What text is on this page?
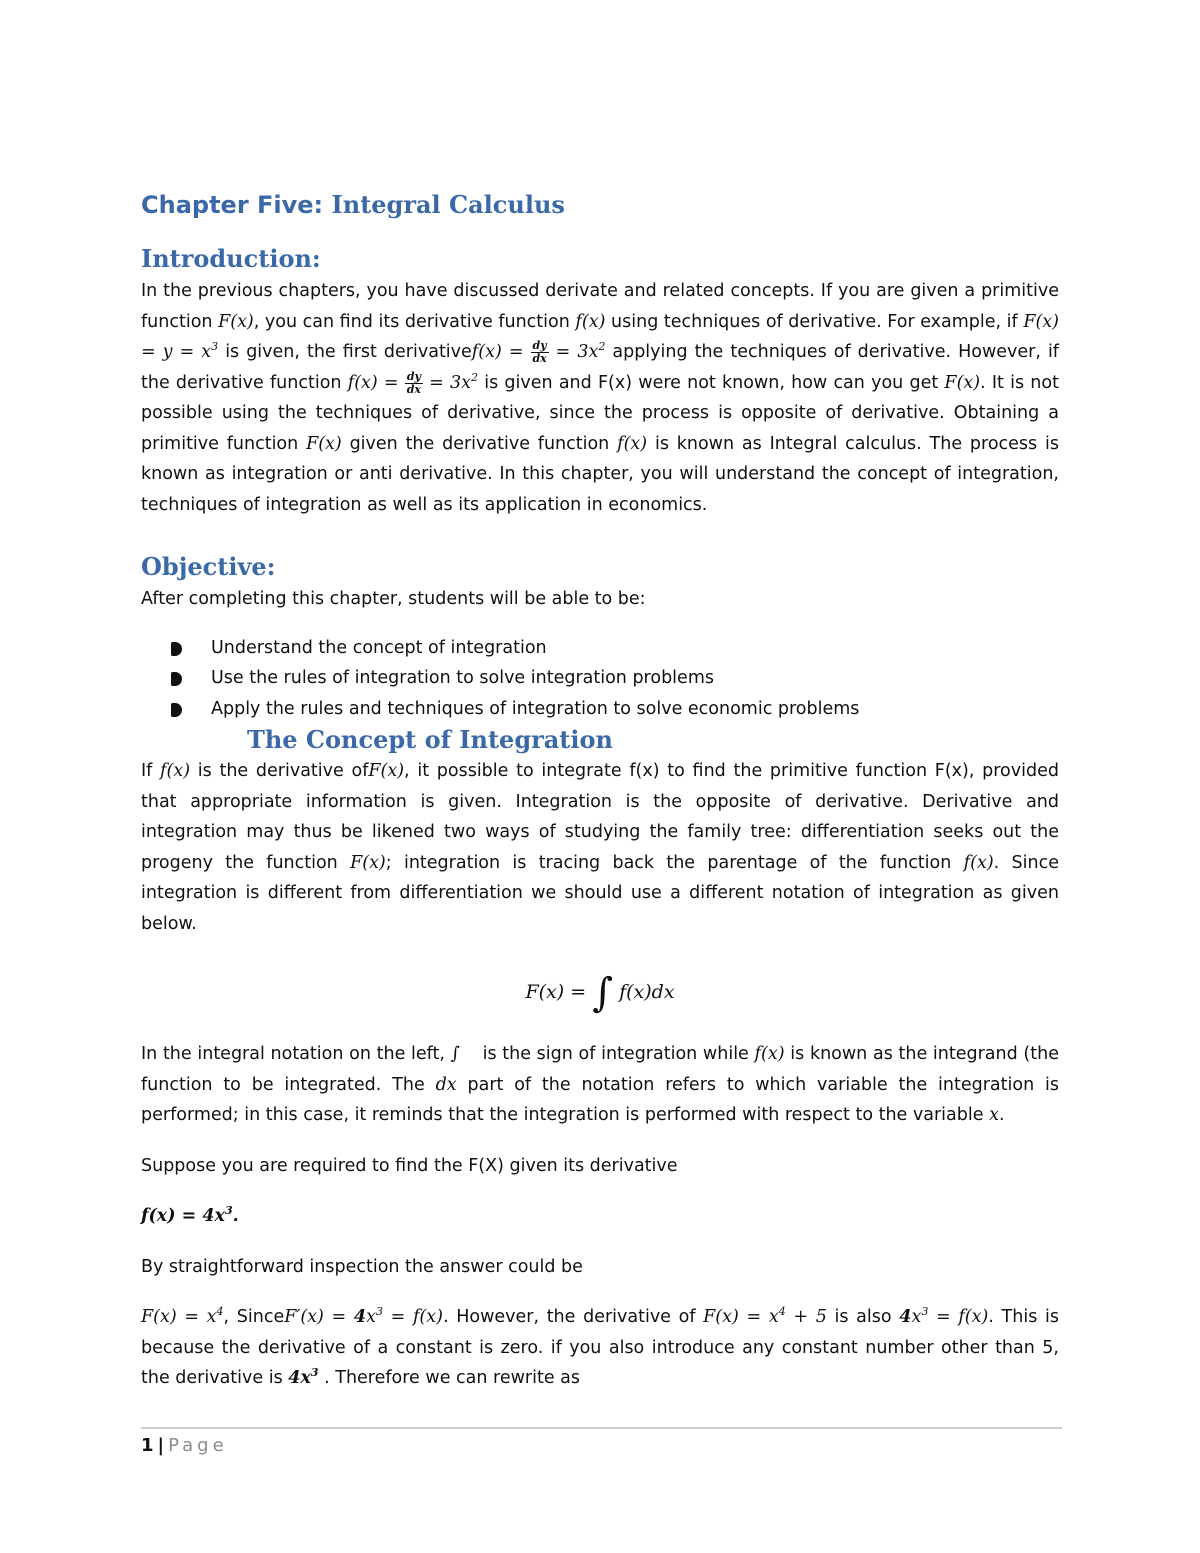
Chapter Five: Integral Calculus
Introduction:

In the previous chapters, you have discussed derivate and related concepts. If you are given a primitive function F(x), you can find its derivative function f(x) using techniques of derivative. For example, if $F(x) = y = x^3$ is given, the first derivativef(x) = $\frac{dy}{dx} = 3x^2$ applying the techniques of derivative. However, if the derivative function $f(x) = \frac{dy}{dx} = 3x^2$ is given and F(x) were not known, how can you get F(x). It is not possible using the techniques of derivative, since the process is opposite of derivative. Obtaining a primitive function F(x) given the derivative function f(x) is known as Integral calculus. The process is known as integration or anti derivative. In this chapter, you will understand the concept of integration, techniques of integration as well as its application in economics.

Objective:

After completing this chapter, students will be able to be:

Understand the concept of integration
Use the rules of integration to solve integration problems
Apply the rules and techniques of integration to solve economic problems
The Concept of Integration

If f(x) is the derivative ofF(x), it possible to integrate f(x) to find the primitive function F(x), provided that appropriate information is given. Integration is the opposite of derivative. Derivative and integration may thus be likened two ways of studying the family tree: differentiation seeks out the progeny the function F(x); integration is tracing back the parentage of the function f(x). Since integration is different from differentiation we should use a different notation of integration as given below.

F(x) = ∫ f(x)dx

In the integral notation on the left, ∫ is the sign of integration while f(x) is known as the integrand (the function to be integrated. The dx part of the notation refers to which variable the integration is performed; in this case, it reminds that the integration is performed with respect to the variable x.

Suppose you are required to find the F(X) given its derivative

$f(x) = 4x^3$.

By straightforward inspection the answer could be

$F(x) = x^4$, SinceF′(x) = $4x^3 = f(x)$. However, the derivative of $F(x) = x^4 + 5$ is also $4x^3 = f(x)$. This is because the derivative of a constant is zero. if you also introduce any constant number other than 5, the derivative is $4x^3$ . Therefore we can rewrite as

1 | Page
